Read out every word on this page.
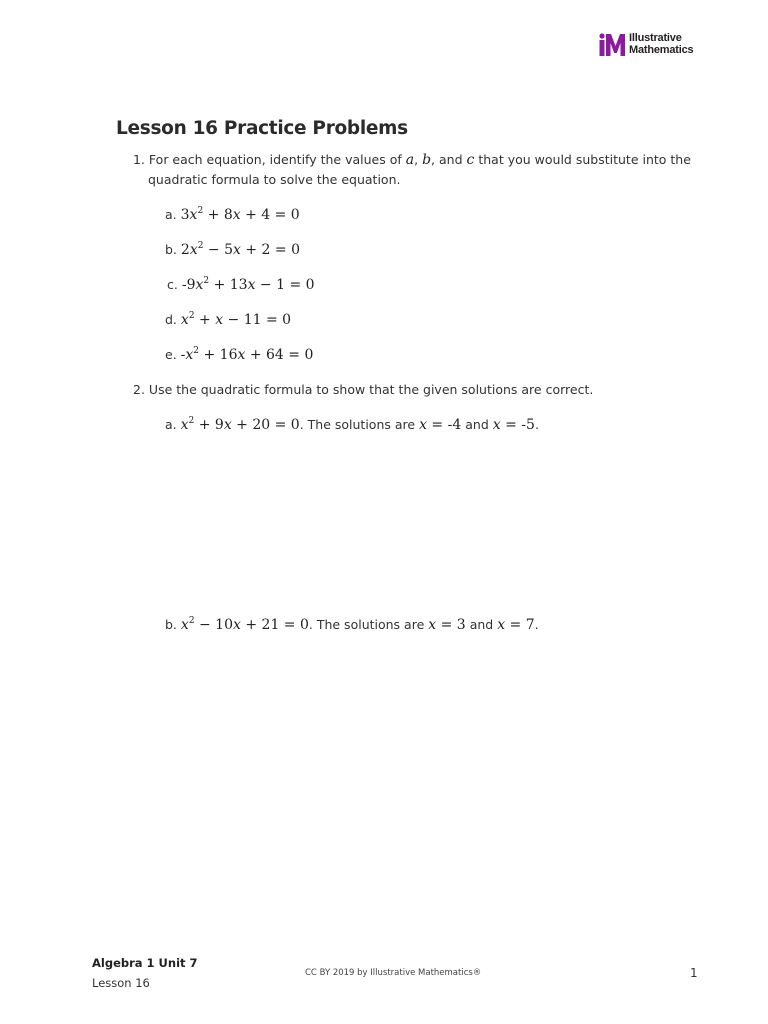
Illustrative
Mathematics
Lesson 16 Practice Problems
1. For each equation, identify the values of a, b, and c that you would substitute into the
quadratic formula to solve the equation.
a. $3x^2 + 8x + 4 = 0$
b. $2x^2 - 5x + 2 = 0$
c. $-9x^2 + 13x - 1 = 0$
d. $x^2 + x - 11 = 0$
e. $-x^2 + 16x + 64 = 0$
2. Use the quadratic formula to show that the given solutions are correct.
a. $x^2 + 9x + 20 = 0$. The solutions are x = -4 and x = -5.
b. $x^2 - 10x + 21 = 0$. The solutions are x = 3 and x = 7.
Algebra 1 Unit 7
Lesson 16
CC BY 2019 by Illustrative Mathematics®	1
